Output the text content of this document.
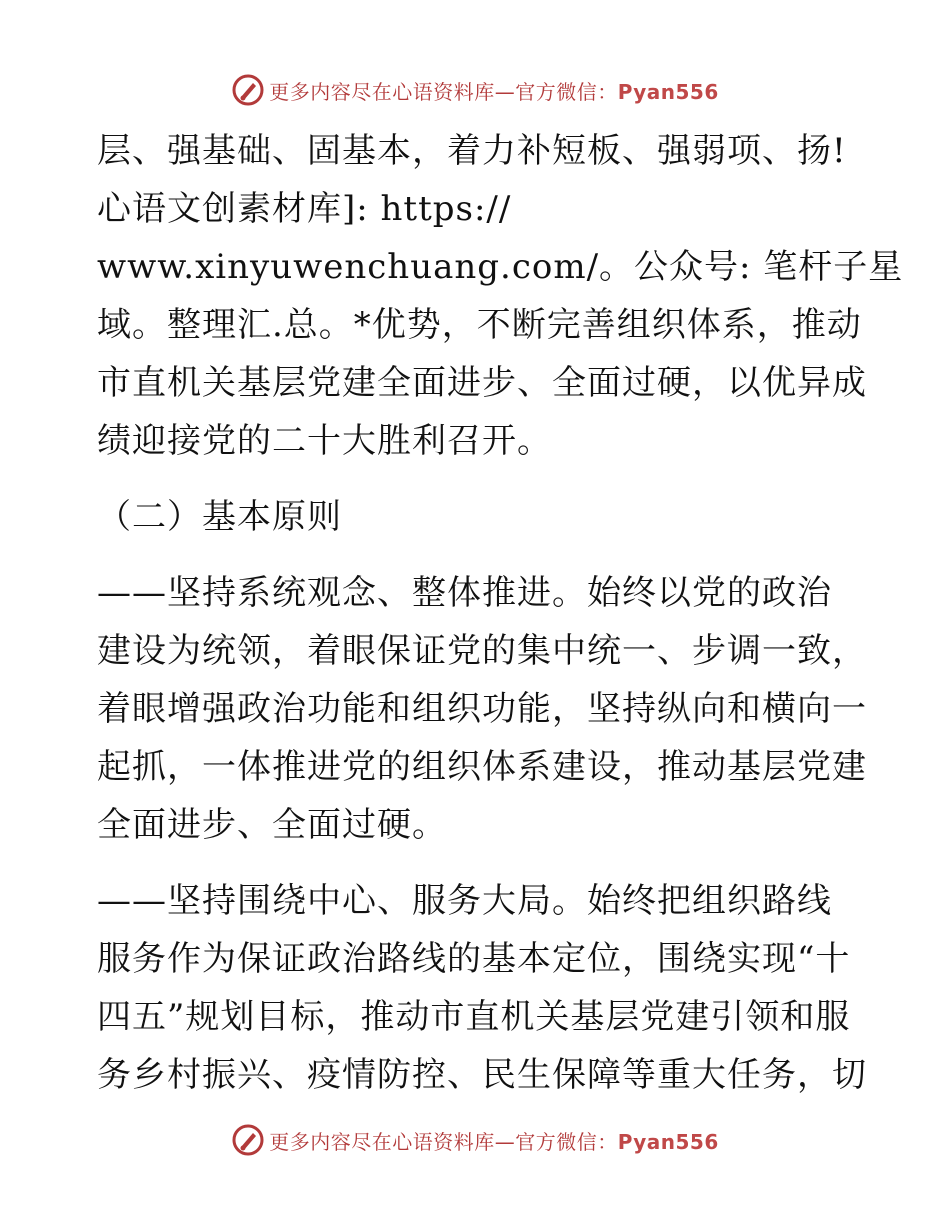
更多内容尽在心语资料库—官方微信：Pyan556
层、强基础、固基本，着力补短板、强弱项、扬!
心语文创素材库]: https://
www.xinyuwenchuang.com/。公众号: 笔杆子星
域。整理汇.总。*优势，不断完善组织体系，推动
市直机关基层党建全面进步、全面过硬，以优异成
绩迎接党的二十大胜利召开。
（二）基本原则
——坚持系统观念、整体推进。始终以党的政治
建设为统领，着眼保证党的集中统一、步调一致，
着眼增强政治功能和组织功能，坚持纵向和横向一
起抓，一体推进党的组织体系建设，推动基层党建
全面进步、全面过硬。
——坚持围绕中心、服务大局。始终把组织路线
服务作为保证政治路线的基本定位，围绕实现“十
四五”规划目标，推动市直机关基层党建引领和服
务乡村振兴、疫情防控、民生保障等重大任务，切
更多内容尽在心语资料库—官方微信：Pyan556
